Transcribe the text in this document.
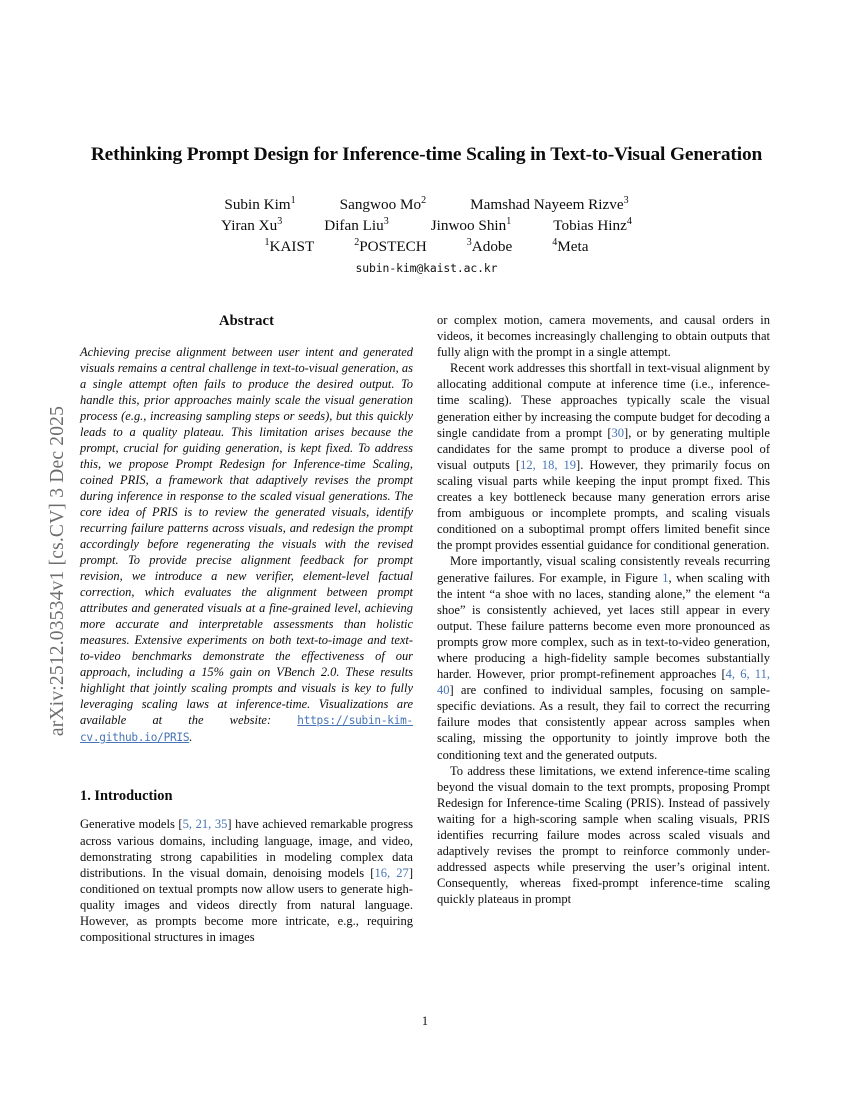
arXiv:2512.03534v1 [cs.CV] 3 Dec 2025
Rethinking Prompt Design for Inference-time Scaling in Text-to-Visual Generation
Subin Kim$^1$	Sangwoo Mo$^2$	Mamshad Nayeem Rizve$^3$
Yiran Xu$^3$	Difan Liu$^3$	Jinwoo Shin$^1$	Tobias Hinz$^4$
$^1$KAIST	$^2$POSTECH	$^3$Adobe	$^4$Meta
subin-kim@kaist.ac.kr
Abstract
Achieving precise alignment between user intent and generated visuals remains a central challenge in text-to-visual generation, as a single attempt often fails to produce the desired output. To handle this, prior approaches mainly scale the visual generation process (e.g., increasing sampling steps or seeds), but this quickly leads to a quality plateau. This limitation arises because the prompt, crucial for guiding generation, is kept fixed. To address this, we propose Prompt Redesign for Inference-time Scaling, coined PRIS, a framework that adaptively revises the prompt during inference in response to the scaled visual generations. The core idea of PRIS is to review the generated visuals, identify recurring failure patterns across visuals, and redesign the prompt accordingly before regenerating the visuals with the revised prompt. To provide precise alignment feedback for prompt revision, we introduce a new verifier, element-level factual correction, which evaluates the alignment between prompt attributes and generated visuals at a fine-grained level, achieving more accurate and interpretable assessments than holistic measures. Extensive experiments on both text-to-image and text-to-video benchmarks demonstrate the effectiveness of our approach, including a 15% gain on VBench 2.0. These results highlight that jointly scaling prompts and visuals is key to fully leveraging scaling laws at inference-time. Visualizations are available at the website: https://subin-kim-cv.github.io/PRIS.
1. Introduction

Generative models [5, 21, 35] have achieved remarkable progress across various domains, including language, image, and video, demonstrating strong capabilities in modeling complex data distributions. In the visual domain, denoising models [16, 27] conditioned on textual prompts now allow users to generate high-quality images and videos directly from natural language. However, as prompts become more intricate, e.g., requiring compositional structures in images

or complex motion, camera movements, and causal orders in videos, it becomes increasingly challenging to obtain outputs that fully align with the prompt in a single attempt.

Recent work addresses this shortfall in text-visual alignment by allocating additional compute at inference time (i.e., inference-time scaling). These approaches typically scale the visual generation either by increasing the compute budget for decoding a single candidate from a prompt [30], or by generating multiple candidates for the same prompt to produce a diverse pool of visual outputs [12, 18, 19]. However, they primarily focus on scaling visual parts while keeping the input prompt fixed. This creates a key bottleneck because many generation errors arise from ambiguous or incomplete prompts, and scaling visuals conditioned on a suboptimal prompt offers limited benefit since the prompt provides essential guidance for conditional generation.

More importantly, visual scaling consistently reveals recurring generative failures. For example, in Figure 1, when scaling with the intent “a shoe with no laces, standing alone,” the element “a shoe” is consistently achieved, yet laces still appear in every output. These failure patterns become even more pronounced as prompts grow more complex, such as in text-to-video generation, where producing a high-fidelity sample becomes substantially harder. However, prior prompt-refinement approaches [4, 6, 11, 40] are confined to individual samples, focusing on sample-specific deviations. As a result, they fail to correct the recurring failure modes that consistently appear across samples when scaling, missing the opportunity to jointly improve both the conditioning text and the generated outputs.

To address these limitations, we extend inference-time scaling beyond the visual domain to the text prompts, proposing Prompt Redesign for Inference-time Scaling (PRIS). Instead of passively waiting for a high-scoring sample when scaling visuals, PRIS identifies recurring failure modes across scaled visuals and adaptively revises the prompt to reinforce commonly under-addressed aspects while preserving the user’s original intent. Consequently, whereas fixed-prompt inference-time scaling quickly plateaus in prompt

1
